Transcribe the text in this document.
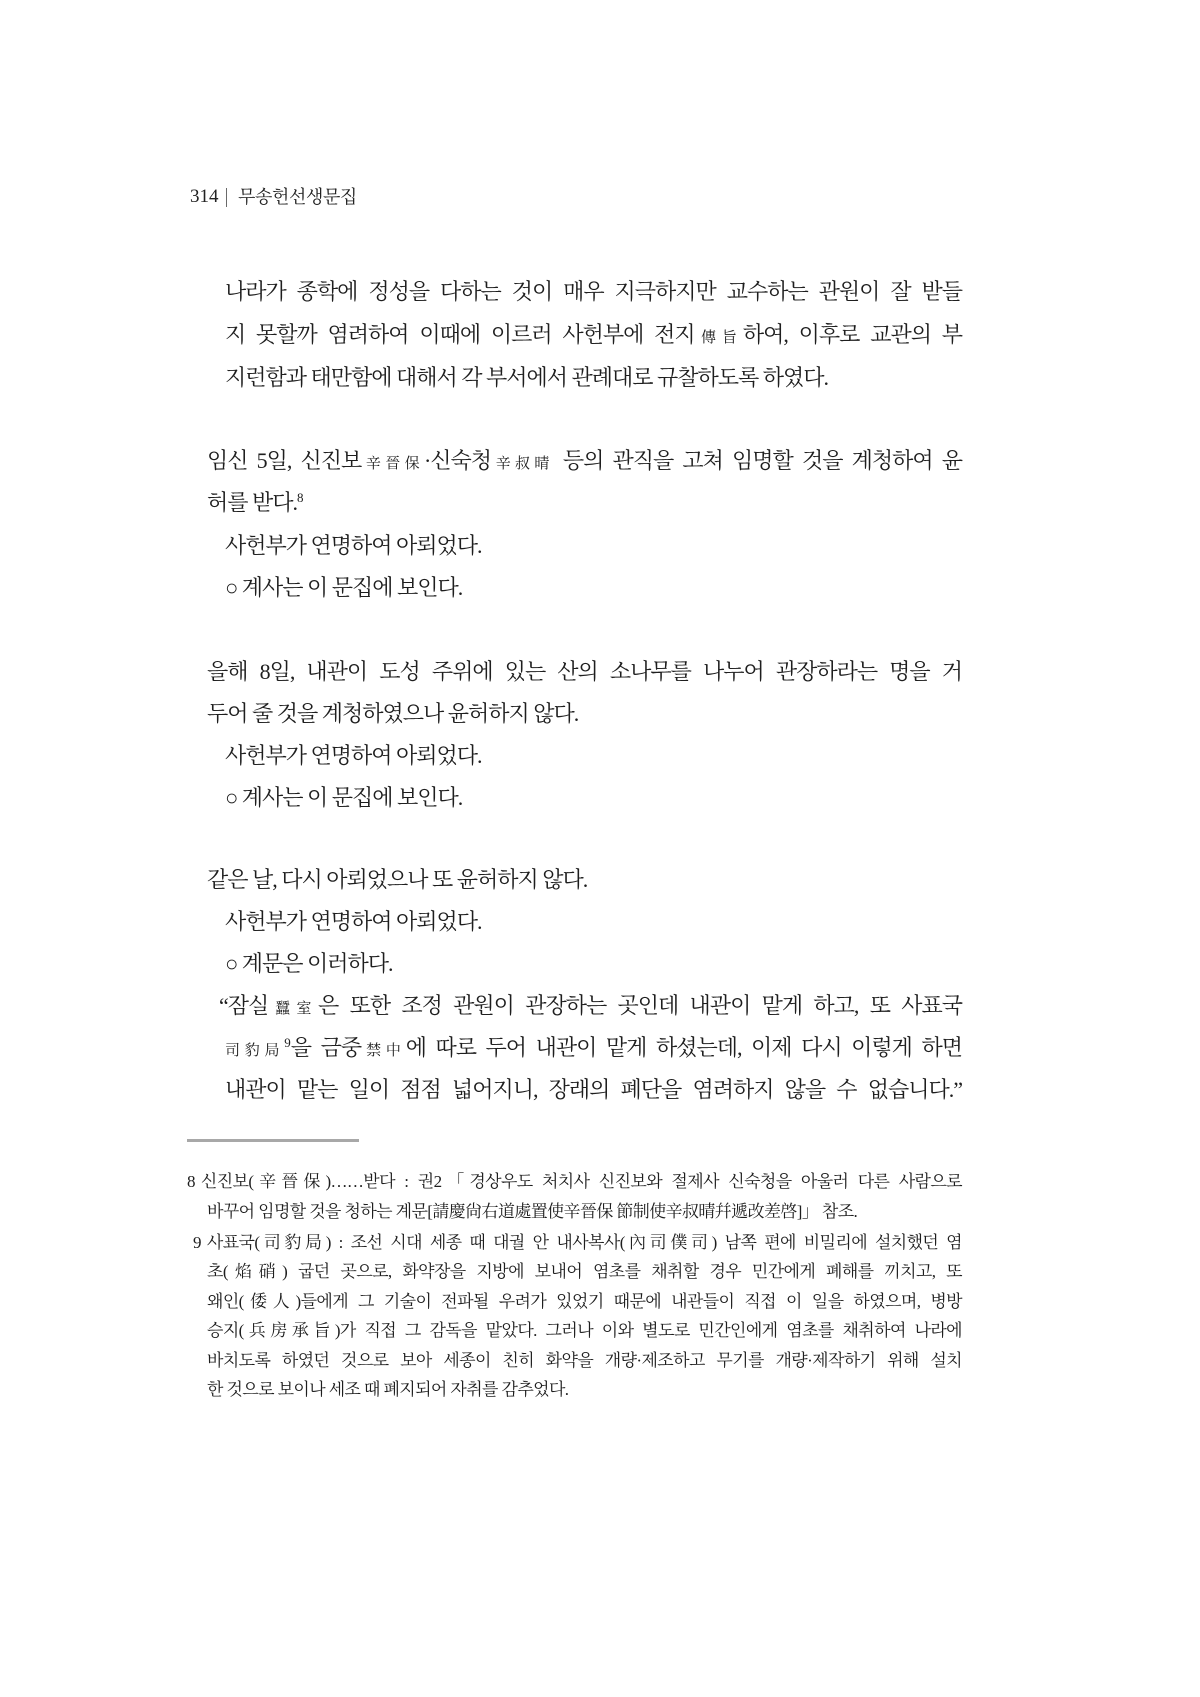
314 무송헌선생문집
나라가 종학에 정성을 다하는 것이 매우 지극하지만 교수하는 관원이 잘 받들
지 못할까 염려하여 이때에 이르러 사헌부에 전지傳旨하여, 이후로 교관의 부
지런함과 태만함에 대해서 각 부서에서 관례대로 규찰하도록 하였다.
임신 5일, 신진보辛晉保·신숙청辛叔晴 등의 관직을 고쳐 임명할 것을 계청하여 윤
허를 받다.$^8$
사헌부가 연명하여 아뢰었다.
○ 계사는 이 문집에 보인다.
을해 8일, 내관이 도성 주위에 있는 산의 소나무를 나누어 관장하라는 명을 거
두어 줄 것을 계청하였으나 윤허하지 않다.
사헌부가 연명하여 아뢰었다.
○ 계사는 이 문집에 보인다.
같은 날, 다시 아뢰었으나 또 윤허하지 않다.
사헌부가 연명하여 아뢰었다.
○ 계문은 이러하다.
“잠실蠶室은 또한 조정 관원이 관장하는 곳인데 내관이 맡게 하고, 또 사표국
司豹局$^9$을 금중禁中에 따로 두어 내관이 맡게 하셨는데, 이제 다시 이렇게 하면
내관이 맡는 일이 점점 넓어지니, 장래의 폐단을 염려하지 않을 수 없습니다.”
8 신진보(辛晉保)……받다 : 권2「경상우도 처치사 신진보와 절제사 신숙청을 아울러 다른 사람으로
바꾸어 임명할 것을 청하는 계문[請慶尙右道處置使辛晉保 節制使辛叔晴幷遞改差啓]」 참조.
9 사표국(司豹局) : 조선 시대 세종 때 대궐 안 내사복사(內司僕司) 남쪽 편에 비밀리에 설치했던 염
초(焰硝) 굽던 곳으로, 화약장을 지방에 보내어 염초를 채취할 경우 민간에게 폐해를 끼치고, 또
왜인(倭人)들에게 그 기술이 전파될 우려가 있었기 때문에 내관들이 직접 이 일을 하였으며, 병방
승지(兵房承旨)가 직접 그 감독을 맡았다. 그러나 이와 별도로 민간인에게 염초를 채취하여 나라에
바치도록 하였던 것으로 보아 세종이 친히 화약을 개량·제조하고 무기를 개량·제작하기 위해 설치
한 것으로 보이나 세조 때 폐지되어 자취를 감추었다.
